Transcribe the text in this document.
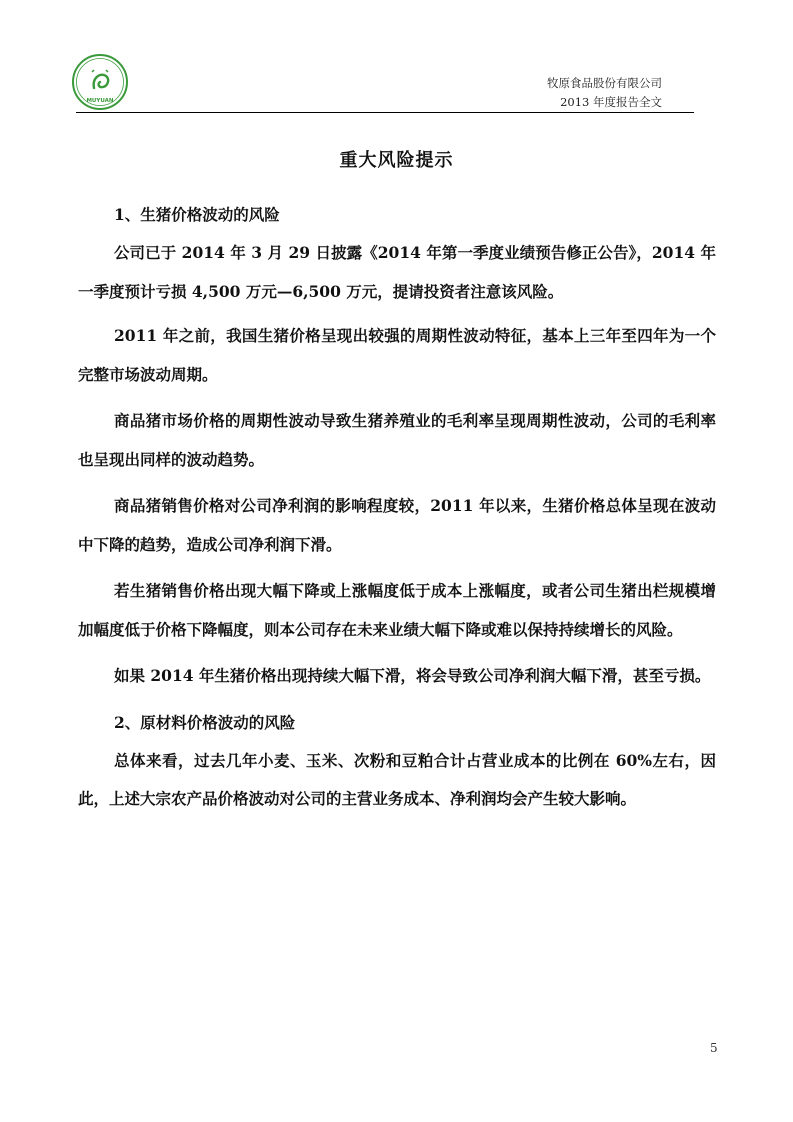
MUYUAN
牧原食品股份有限公司
2013 年度报告全文
重大风险提示
1、生猪价格波动的风险

公司已于 2014 年 3 月 29 日披露《2014 年第一季度业绩预告修正公告》，2014 年一季度预计亏损 4,500 万元—6,500 万元，提请投资者注意该风险。

2011 年之前，我国生猪价格呈现出较强的周期性波动特征，基本上三年至四年为一个完整市场波动周期。

商品猪市场价格的周期性波动导致生猪养殖业的毛利率呈现周期性波动，公司的毛利率也呈现出同样的波动趋势。

商品猪销售价格对公司净利润的影响程度较，2011 年以来，生猪价格总体呈现在波动中下降的趋势，造成公司净利润下滑。

若生猪销售价格出现大幅下降或上涨幅度低于成本上涨幅度，或者公司生猪出栏规模增加幅度低于价格下降幅度，则本公司存在未来业绩大幅下降或难以保持持续增长的风险。

如果 2014 年生猪价格出现持续大幅下滑，将会导致公司净利润大幅下滑，甚至亏损。

2、原材料价格波动的风险

总体来看，过去几年小麦、玉米、次粉和豆粕合计占营业成本的比例在 60%左右，因此，上述大宗农产品价格波动对公司的主营业务成本、净利润均会产生较大影响。

5
